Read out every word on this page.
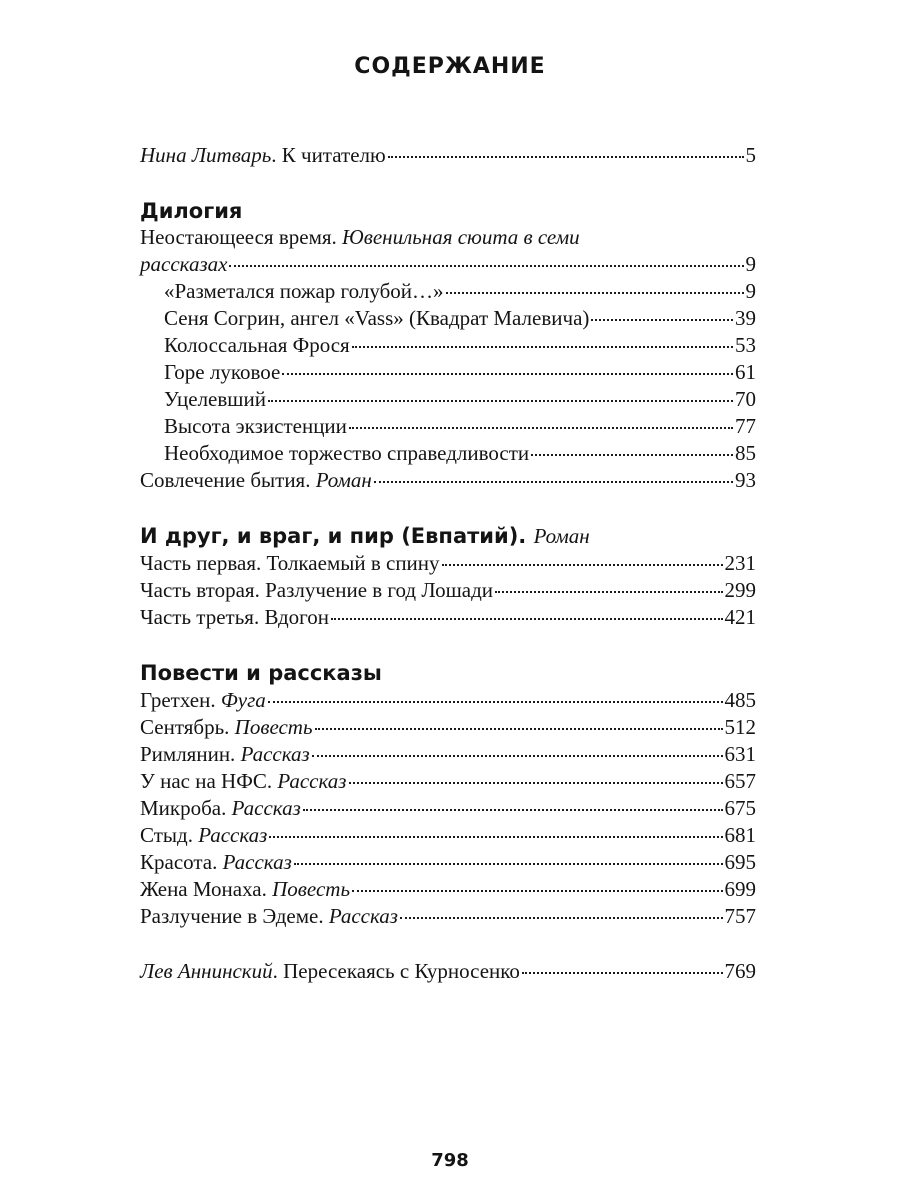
СОДЕРЖАНИЕ
Нина Литварь. К читателю	5
Дилогия
Неостающееся время. Ювенильная сюита в семи
рассказах	9
«Разметался пожар голубой…»	9
Сеня Согрин, ангел «Vass» (Квадрат Малевича)	39
Колоссальная Фрося	53
Горе луковое	61
Уцелевший	70
Высота экзистенции	77
Необходимое торжество справедливости	85
Совлечение бытия. Роман	93
И друг, и враг, и пир (Евпатий). Роман
Часть первая. Толкаемый в спину	231
Часть вторая. Разлучение в год Лошади	299
Часть третья. Вдогон	421
Повести и рассказы
Гретхен. Фуга	485
Сентябрь. Повесть	512
Римлянин. Рассказ	631
У нас на НФС. Рассказ	657
Микроба. Рассказ	675
Стыд. Рассказ	681
Красота. Рассказ	695
Жена Монаха. Повесть	699
Разлучение в Эдеме. Рассказ	757
Лев Аннинский. Пересекаясь с Курносенко	769
798
